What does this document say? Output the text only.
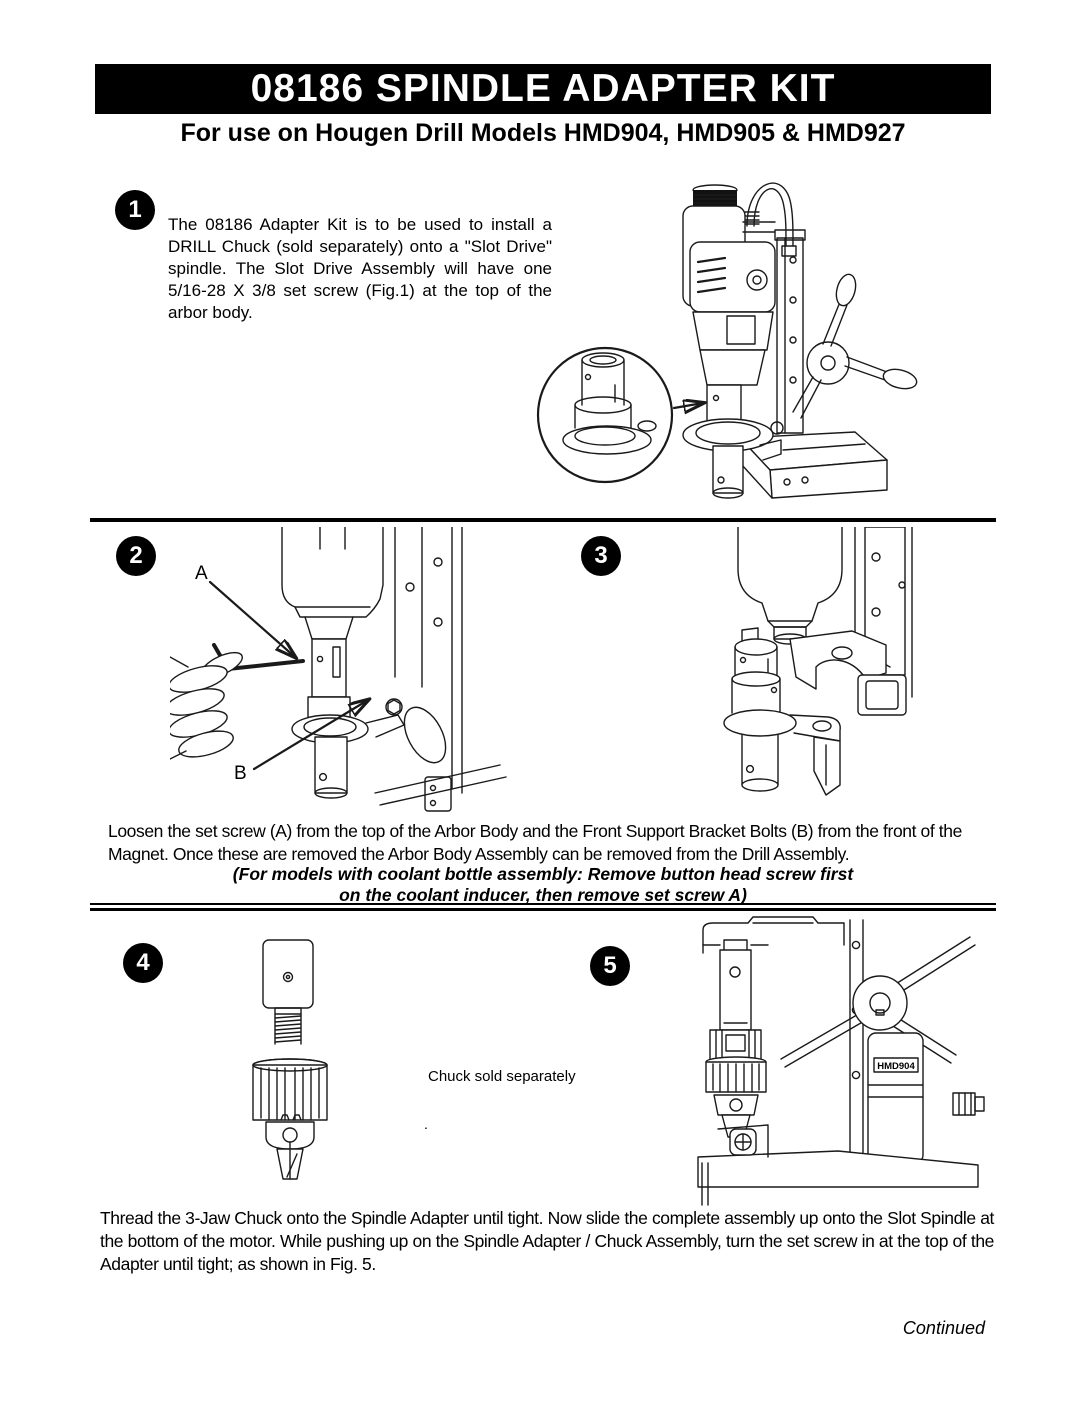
08186 SPINDLE ADAPTER KIT
For use on Hougen Drill Models HMD904, HMD905 & HMD927
1
The 08186 Adapter Kit is to be used to install a DRILL Chuck (sold separately) onto a "Slot Drive" spindle. The Slot Drive Assembly will have one 5/16-28 X 3/8 set screw (Fig.1) at the top of the arbor body.
2
A
B
3
Loosen the set screw (A) from the top of the Arbor Body and the Front Support Bracket Bolts (B) from the front of the Magnet. Once these are removed the Arbor Body Assembly can be removed from the Drill Assembly.
(For models with coolant bottle assembly: Remove button head screw first
on the coolant inducer, then remove set screw A)
4
Chuck sold separately
.
5
HMD904
Thread the 3-Jaw Chuck onto the Spindle Adapter until tight. Now slide the complete assembly up onto the Slot Spindle at the bottom of the motor. While pushing up on the Spindle Adapter / Chuck Assembly, turn the set screw in at the top of the Adapter until tight; as shown in Fig. 5.
Continued
